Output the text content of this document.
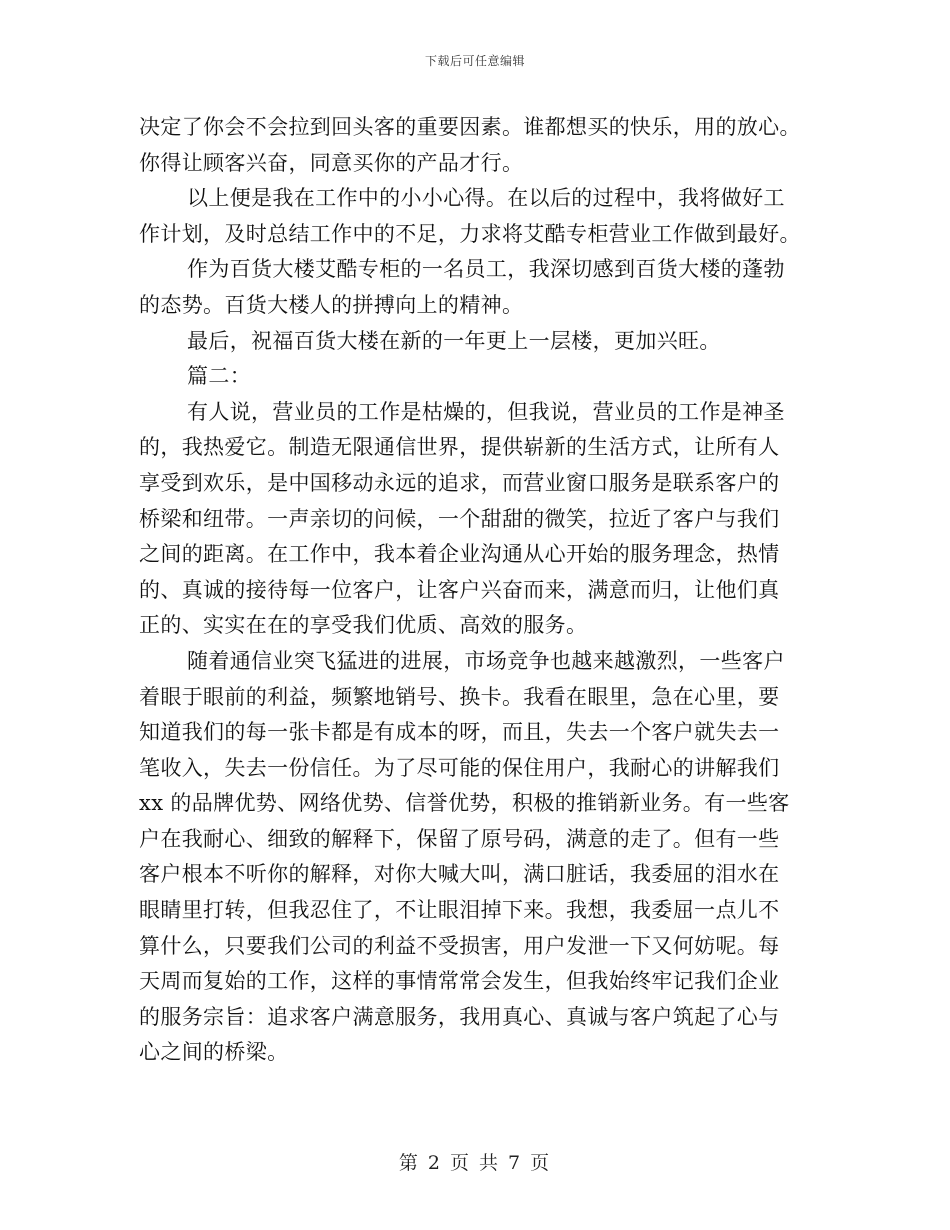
下载后可任意编辑
决定了你会不会拉到回头客的重要因素。谁都想买的快乐，用的放心。
你得让顾客兴奋，同意买你的产品才行。
以上便是我在工作中的小小心得。在以后的过程中，我将做好工
作计划，及时总结工作中的不足，力求将艾酷专柜营业工作做到最好。
作为百货大楼艾酷专柜的一名员工，我深切感到百货大楼的蓬勃
的态势。百货大楼人的拼搏向上的精神。
最后，祝福百货大楼在新的一年更上一层楼，更加兴旺。
篇二：
有人说，营业员的工作是枯燥的，但我说，营业员的工作是神圣
的，我热爱它。制造无限通信世界，提供崭新的生活方式，让所有人
享受到欢乐，是中国移动永远的追求，而营业窗口服务是联系客户的
桥梁和纽带。一声亲切的问候，一个甜甜的微笑，拉近了客户与我们
之间的距离。在工作中，我本着企业沟通从心开始的服务理念，热情
的、真诚的接待每一位客户，让客户兴奋而来，满意而归，让他们真
正的、实实在在的享受我们优质、高效的服务。
随着通信业突飞猛进的进展，市场竞争也越来越激烈，一些客户
着眼于眼前的利益，频繁地销号、换卡。我看在眼里，急在心里，要
知道我们的每一张卡都是有成本的呀，而且，失去一个客户就失去一
笔收入，失去一份信任。为了尽可能的保住用户，我耐心的讲解我们
xx 的品牌优势、网络优势、信誉优势，积极的推销新业务。有一些客
户在我耐心、细致的解释下，保留了原号码，满意的走了。但有一些
客户根本不听你的解释，对你大喊大叫，满口脏话，我委屈的泪水在
眼睛里打转，但我忍住了，不让眼泪掉下来。我想，我委屈一点儿不
算什么，只要我们公司的利益不受损害，用户发泄一下又何妨呢。每
天周而复始的工作，这样的事情常常会发生，但我始终牢记我们企业
的服务宗旨：追求客户满意服务，我用真心、真诚与客户筑起了心与
心之间的桥梁。
第 2 页 共 7 页
